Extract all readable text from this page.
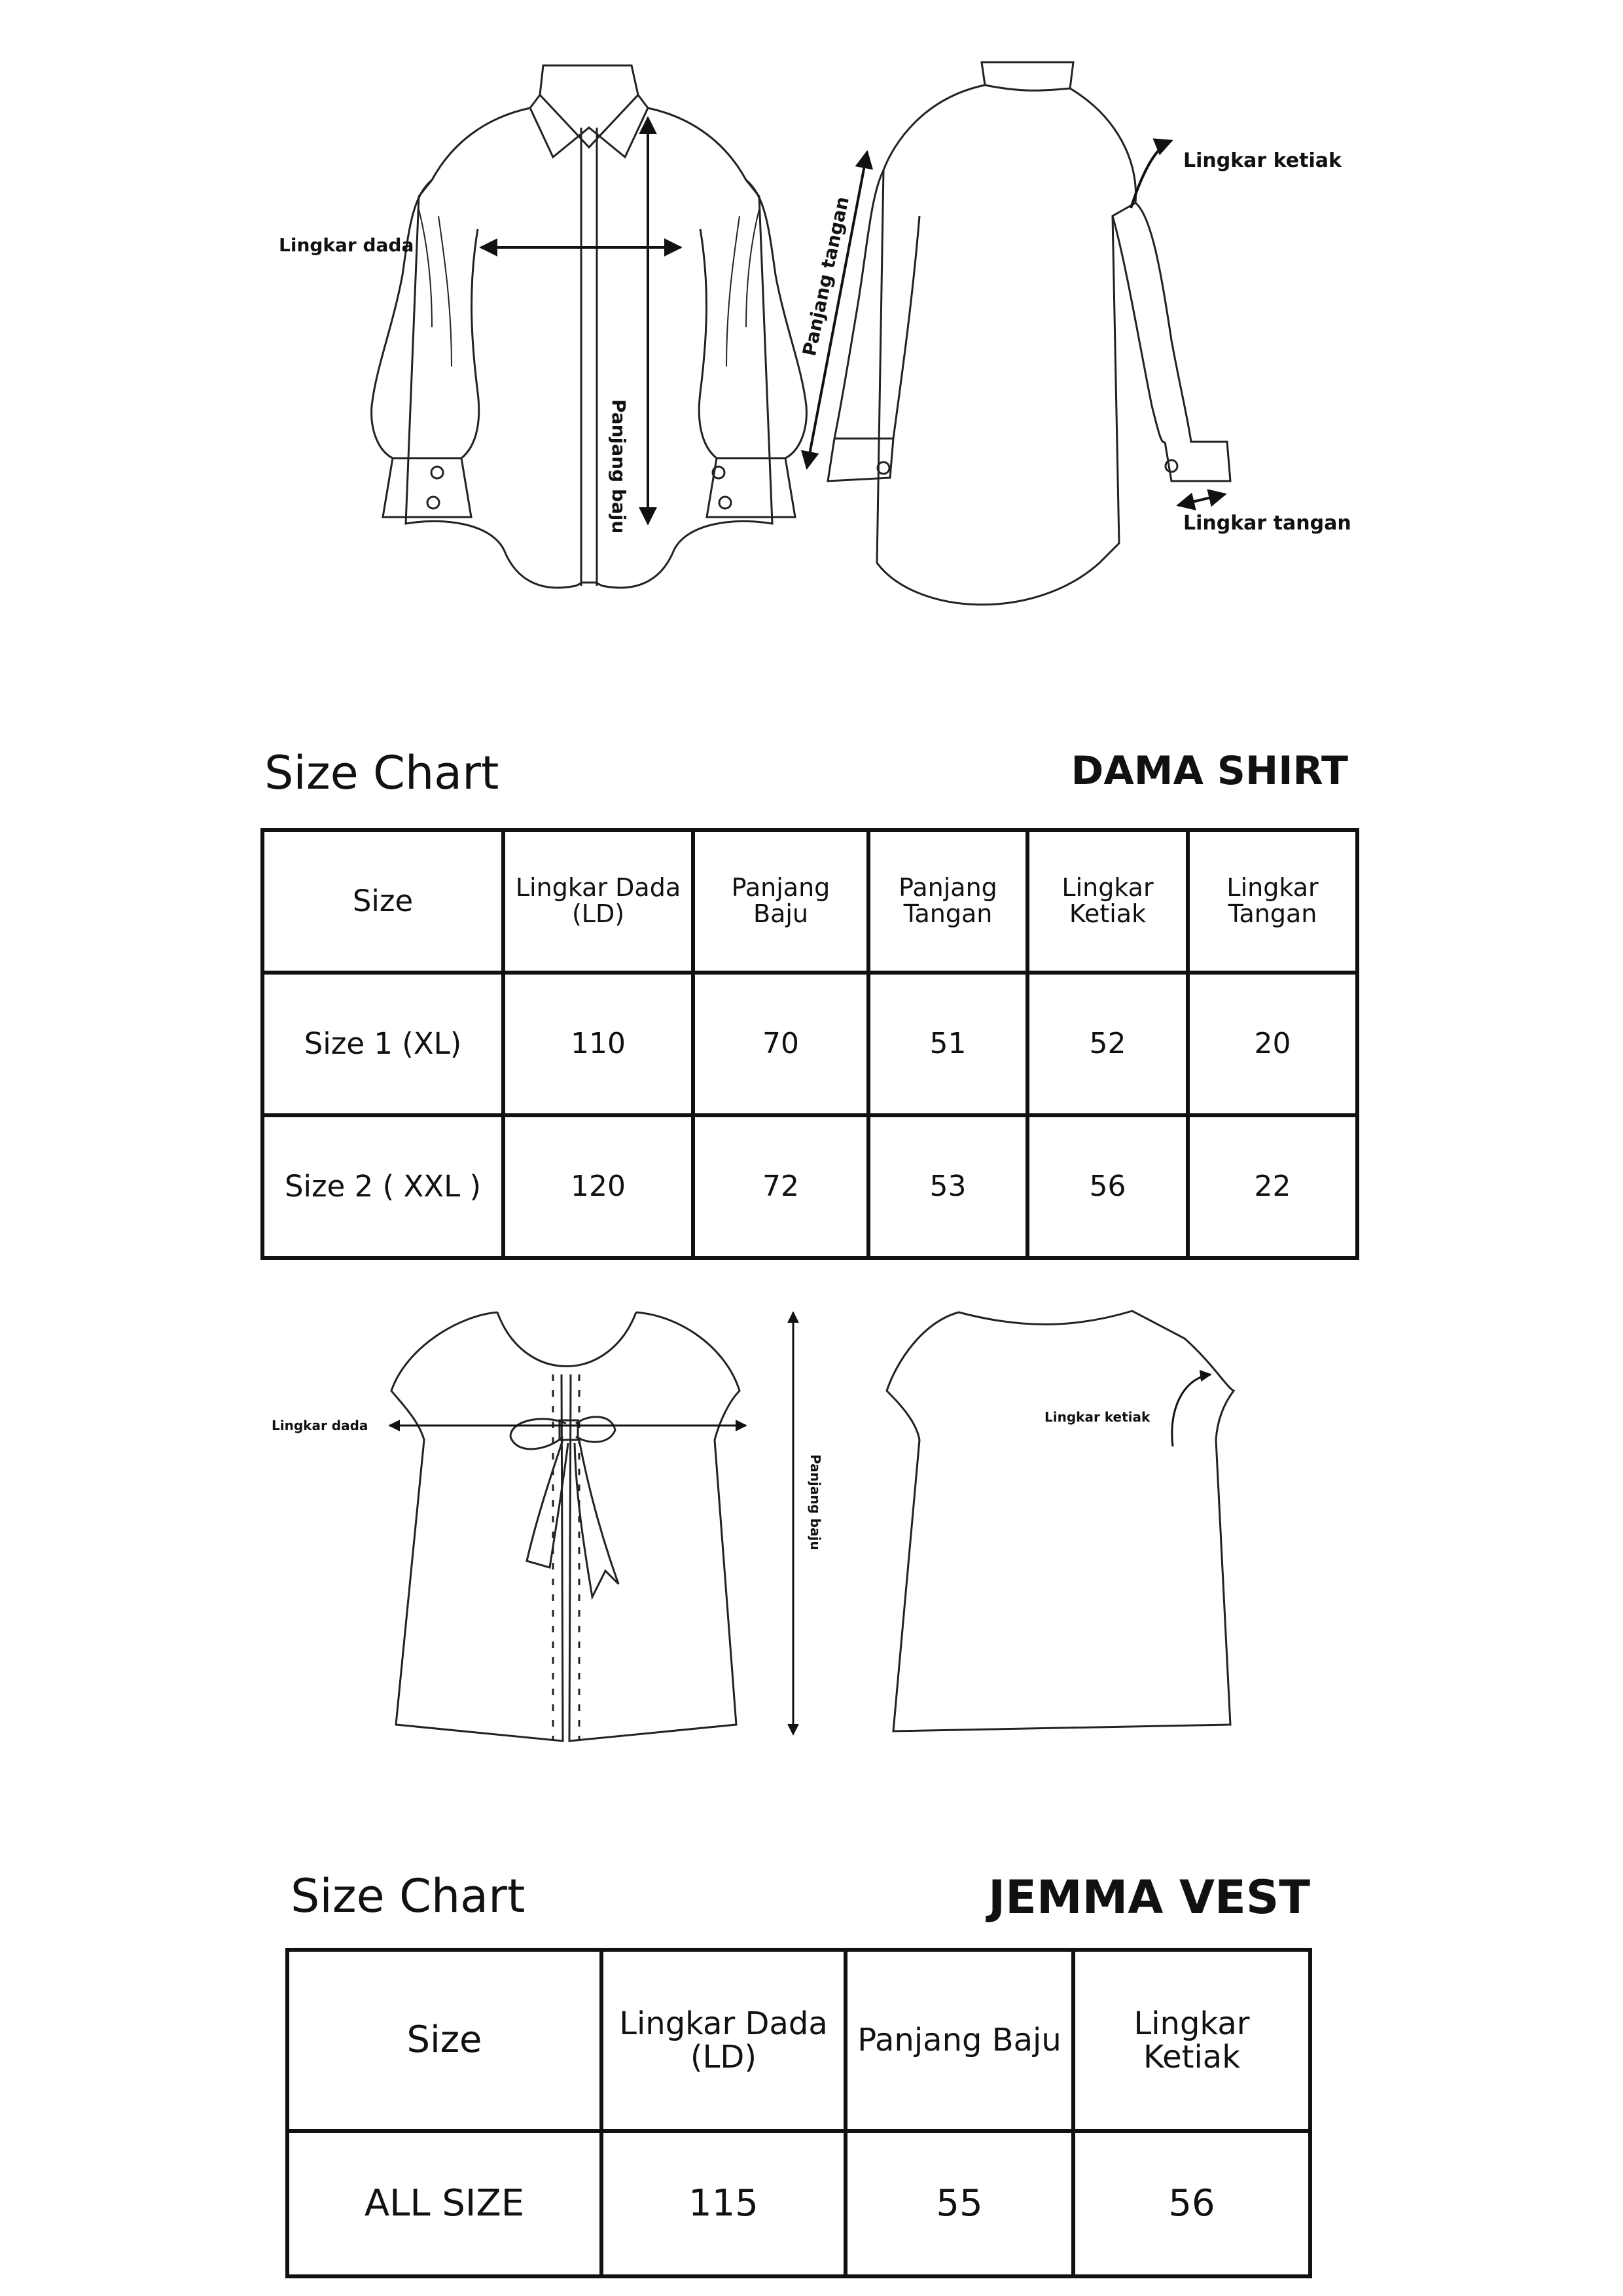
Lingkar dada
Panjang baju
Panjang tangan
Lingkar ketiak
Lingkar tangan
Size Chart	DAMA SHIRT
Size	Lingkar Dada (LD)	Panjang Baju	Panjang Tangan	Lingkar Ketiak	Lingkar Tangan
Size 1 (XL)	110	70	51	52	20
Size 2 ( XXL )	120	72	53	56	22
Lingkar dada
Panjang baju
Lingkar ketiak
Size Chart	JEMMA VEST
Size	Lingkar Dada (LD)	Panjang Baju	Lingkar Ketiak
ALL SIZE	115	55	56
